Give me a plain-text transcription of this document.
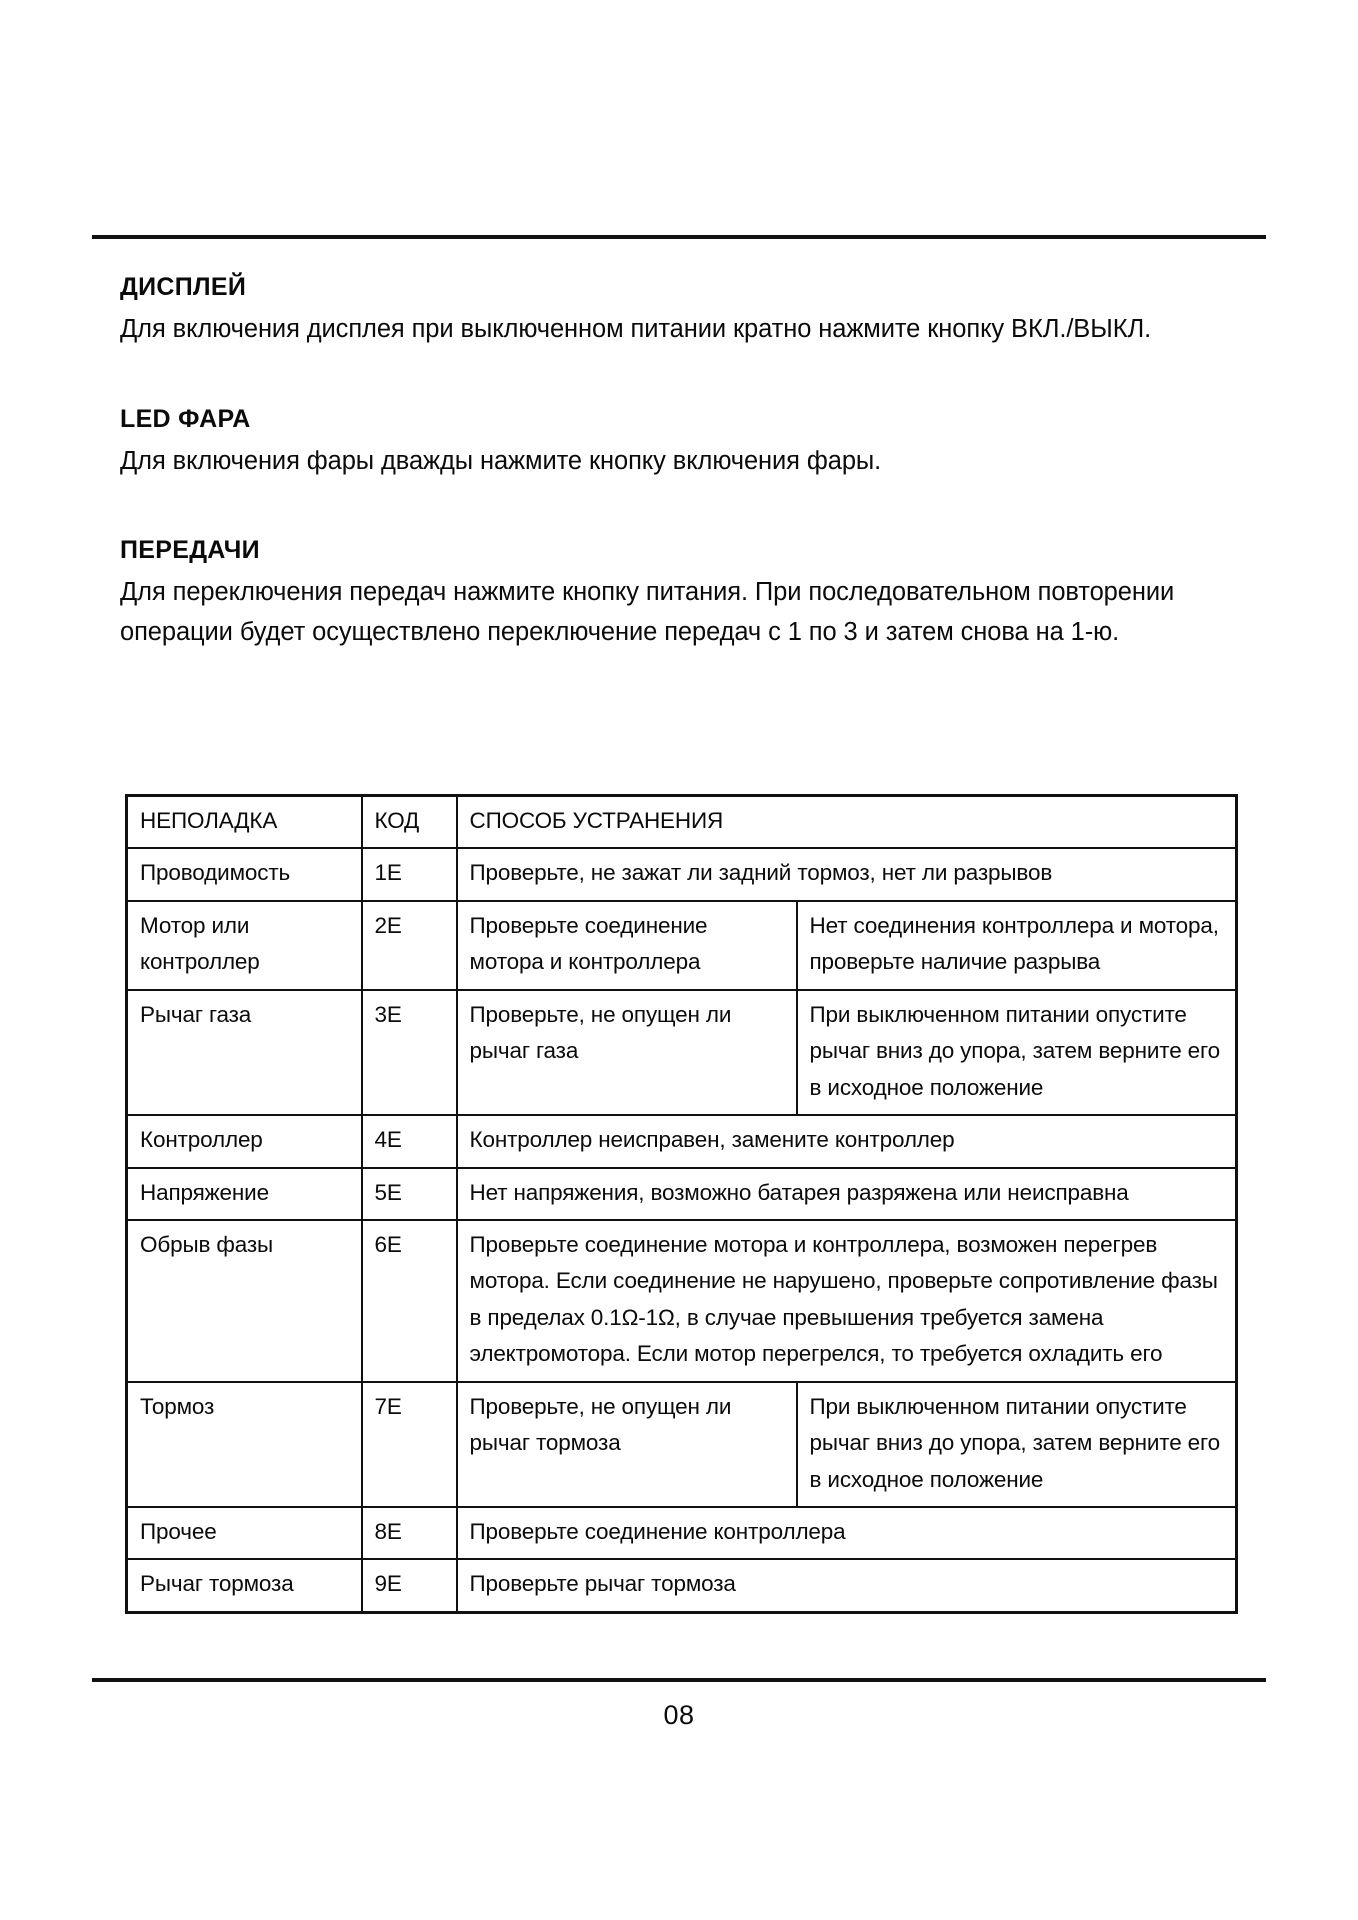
ДИСПЛЕЙ

Для включения дисплея при выключенном питании кратно нажмите кнопку ВКЛ./ВЫКЛ.

LED ФАРА

Для включения фары дважды нажмите кнопку включения фары.

ПЕРЕДАЧИ

Для переключения передач нажмите кнопку питания. При последовательном повторении операции будет осуществлено переключение передач с 1 по 3 и затем снова на 1-ю.

НЕПОЛАДКА	КОД	СПОСОБ УСТРАНЕНИЯ	
Проводимость	1E	Проверьте, не зажат ли задний тормоз, нет ли разрывов	
Мотор или контроллер	2E	Проверьте соединение мотора и контроллера	Нет соединения контроллера и мотора, проверьте наличие разрыва
Рычаг газа	3E	Проверьте, не опущен ли рычаг газа	При выключенном питании опустите рычаг вниз до упора, затем верните его в исходное положение
Контроллер	4E	Контроллер неисправен, замените контроллер	
Напряжение	5E	Нет напряжения, возможно батарея разряжена или неисправна	
Обрыв фазы	6E	Проверьте соединение мотора и контроллера, возможен перегрев мотора. Если соединение не нарушено, проверьте сопротивление фазы в пределах 0.1Ω-1Ω, в случае превышения требуется замена электромотора. Если мотор перегрелся, то требуется охладить его	
Тормоз	7E	Проверьте, не опущен ли рычаг тормоза	При выключенном питании опустите рычаг вниз до упора, затем верните его в исходное положение
Прочее	8E	Проверьте соединение контроллера	
Рычаг тормоза	9E	Проверьте рычаг тормоза	
08
